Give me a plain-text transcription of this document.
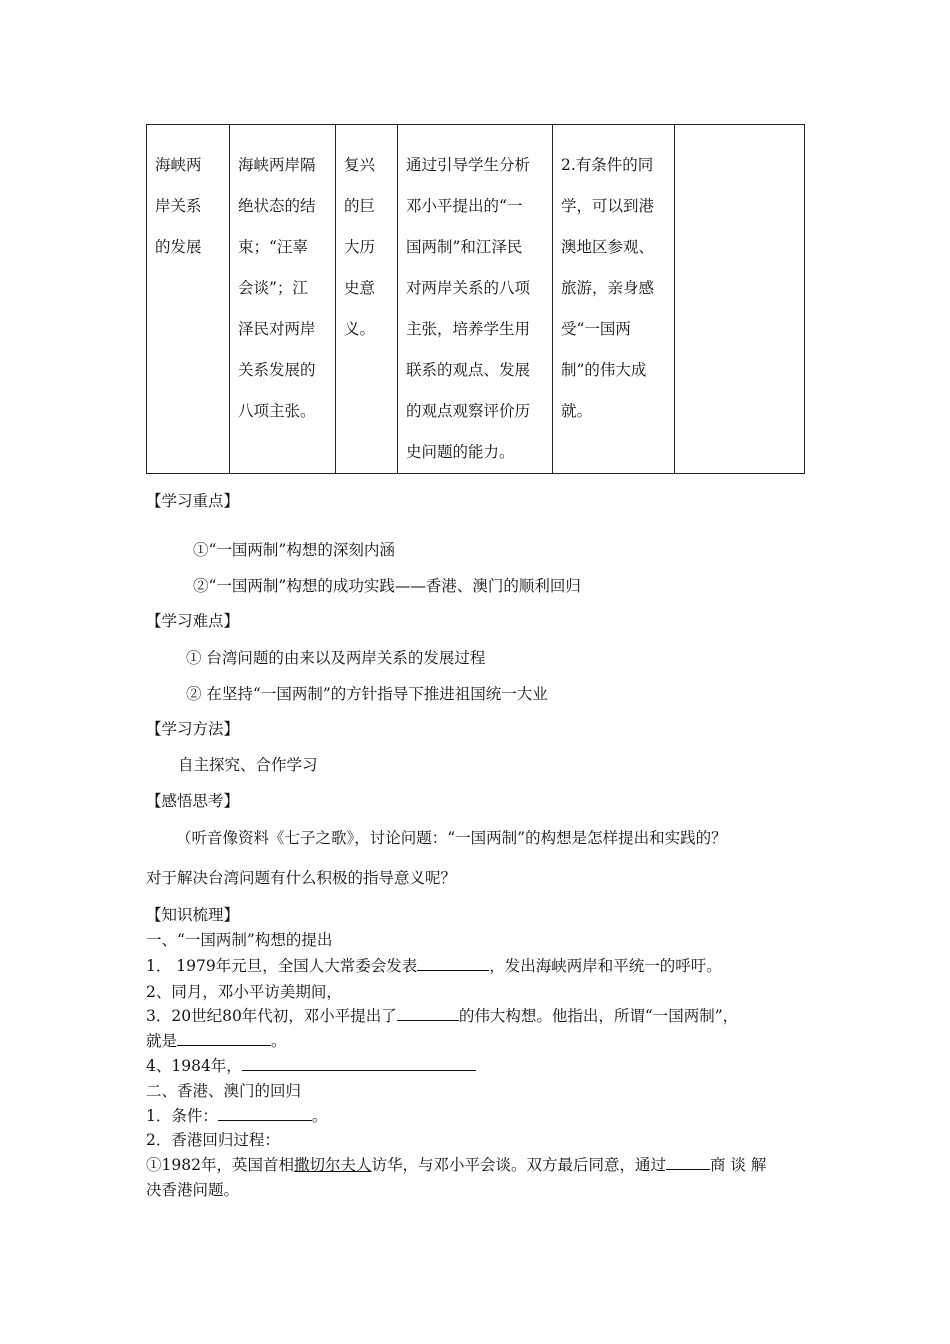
海峡两
岸关系
的发展

海峡两岸隔
绝状态的结
束；“汪辜
会谈”；江
泽民对两岸
关系发展的
八项主张。

复兴
的巨
大历
史意
义。

通过引导学生分析
邓小平提出的“一
国两制”和江泽民
对两岸关系的八项
主张，培养学生用
联系的观点、发展
的观点观察评价历
史问题的能力。

2.有条件的同
学，可以到港
澳地区参观、
旅游，亲身感
受“一国两
制”的伟大成
就。

【学习重点】
①“一国两制”构想的深刻内涵
②“一国两制”构想的成功实践——香港、澳门的顺利回归
【学习难点】
① 台湾问题的由来以及两岸关系的发展过程
② 在坚持“一国两制”的方针指导下推进祖国统一大业
【学习方法】
自主探究、合作学习
【感悟思考】
（听音像资料《七子之歌》，讨论问题：“一国两制”的构想是怎样提出和实践的？
对于解决台湾问题有什么积极的指导意义呢？
【知识梳理】
一、“一国两制”构想的提出
1． 1979年元旦，全国人大常委会发表	，发出海峡两岸和平统一的呼吁。
2、同月，邓小平访美期间，
3．20世纪80年代初，邓小平提出了	的伟大构想。他指出，所谓“一国两制”，
就是	。
4、1984年，
二、香港、澳门的回归
1．条件：	。
2．香港回归过程：
①1982年，英国首相撒切尔夫人访华，与邓小平会谈。双方最后同意，通过	商 谈 解
决香港问题。
